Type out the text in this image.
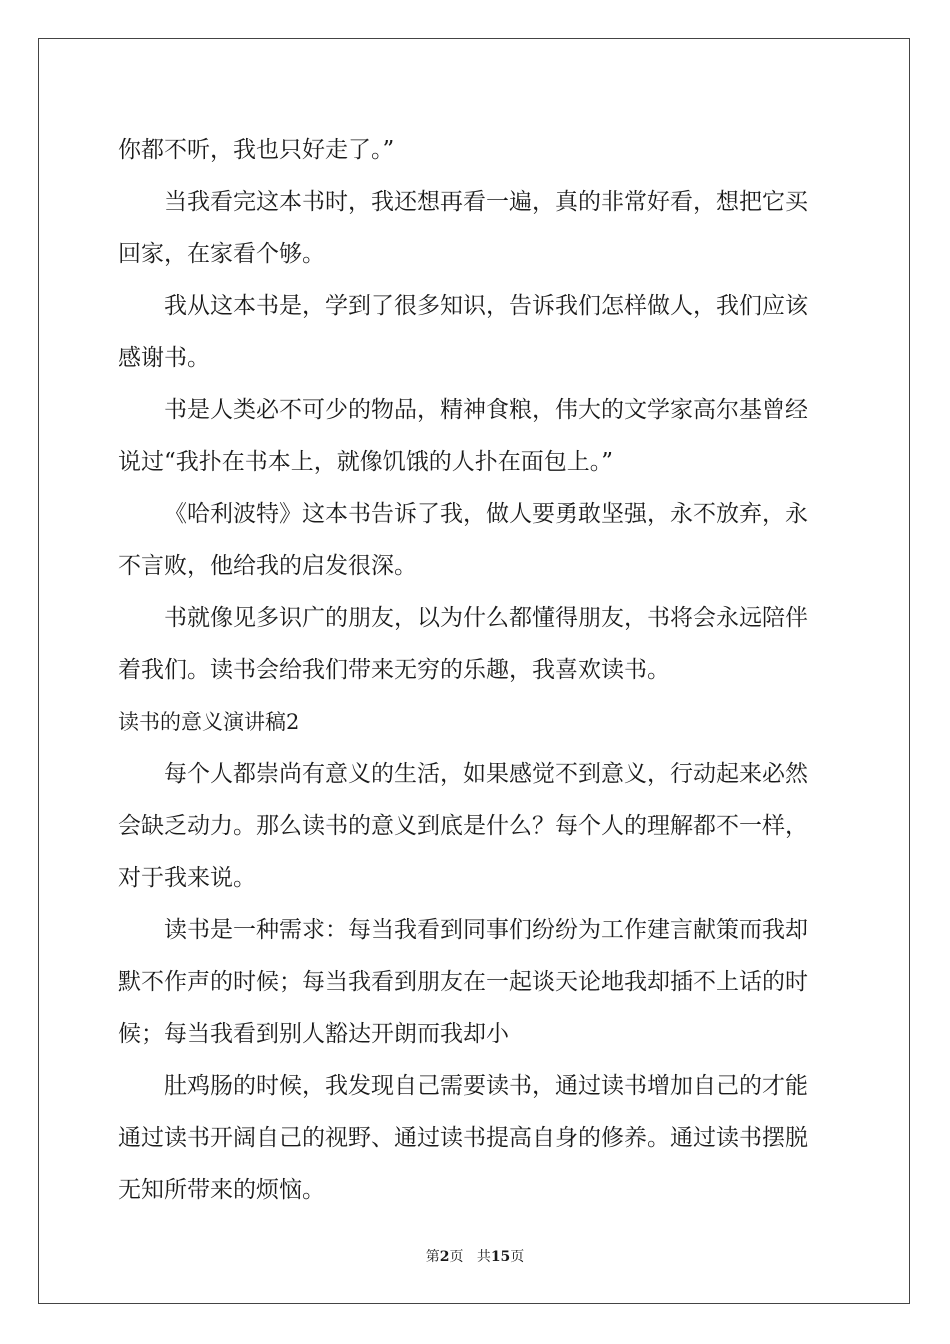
你都不听，我也只好走了。”
当我看完这本书时，我还想再看一遍，真的非常好看，想把它买
回家，在家看个够。
我从这本书是，学到了很多知识，告诉我们怎样做人，我们应该
感谢书。
书是人类必不可少的物品，精神食粮，伟大的文学家高尔基曾经
说过“我扑在书本上，就像饥饿的人扑在面包上。”
《哈利波特》这本书告诉了我，做人要勇敢坚强，永不放弃，永
不言败，他给我的启发很深。
书就像见多识广的朋友，以为什么都懂得朋友，书将会永远陪伴
着我们。读书会给我们带来无穷的乐趣，我喜欢读书。
读书的意义演讲稿2
每个人都崇尚有意义的生活，如果感觉不到意义，行动起来必然
会缺乏动力。那么读书的意义到底是什么？每个人的理解都不一样，
对于我来说。
读书是一种需求：每当我看到同事们纷纷为工作建言献策而我却
默不作声的时候；每当我看到朋友在一起谈天论地我却插不上话的时
候；每当我看到别人豁达开朗而我却小
肚鸡肠的时候，我发现自己需要读书，通过读书增加自己的才能
通过读书开阔自己的视野、通过读书提高自身的修养。通过读书摆脱
无知所带来的烦恼。
第2页 共15页
